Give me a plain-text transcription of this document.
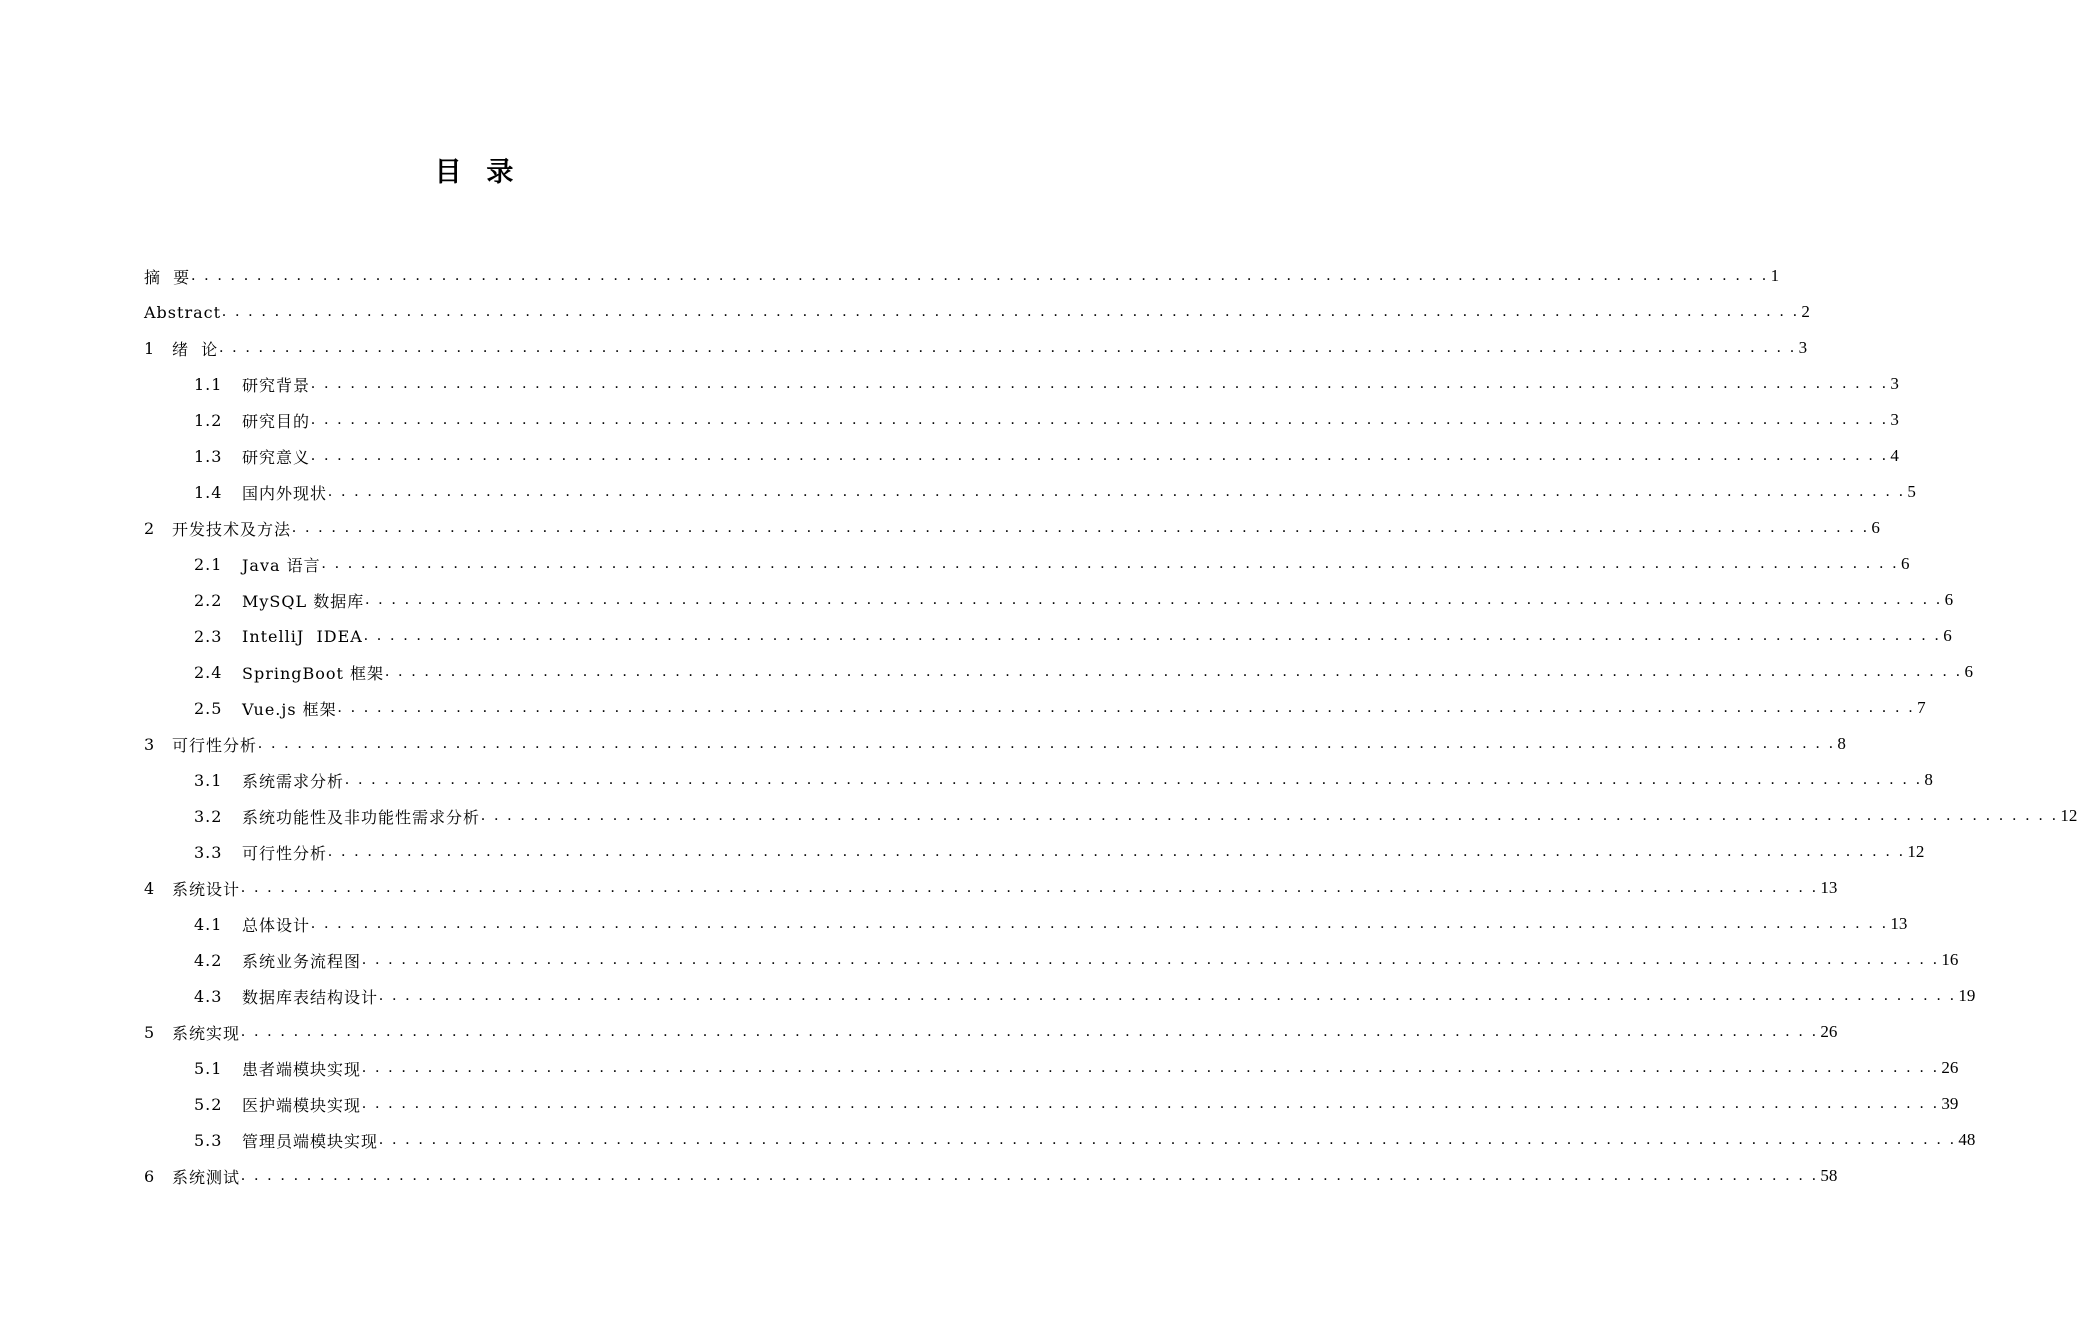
目  录
摘  要 . . . . . . . . . . . . . . . . . . . . . . . . . . . . . . . . . . . . . . . . . . . . . . . . . . . . . . . . . . . . . . . . . . . . . . . . . . . . . . . . . . . . . . . . . . . . . . . . . . . . . . . . . . . . . . . . . . . . . . . . 1
Abstract . . . . . . . . . . . . . . . . . . . . . . . . . . . . . . . . . . . . . . . . . . . . . . . . . . . . . . . . . . . . . . . . . . . . . . . . . . . . . . . . . . . . . . . . . . . . . . . . . . . . . . . . . . . . . . . . . . . . . . . . 2
1	绪  论 . . . . . . . . . . . . . . . . . . . . . . . . . . . . . . . . . . . . . . . . . . . . . . . . . . . . . . . . . . . . . . . . . . . . . . . . . . . . . . . . . . . . . . . . . . . . . . . . . . . . . . . . . . . . . . . . . . . . . . . . 3
1.1	研究背景 . . . . . . . . . . . . . . . . . . . . . . . . . . . . . . . . . . . . . . . . . . . . . . . . . . . . . . . . . . . . . . . . . . . . . . . . . . . . . . . . . . . . . . . . . . . . . . . . . . . . . . . . . . . . . . . . . . . . . . . . 3
1.2	研究目的 . . . . . . . . . . . . . . . . . . . . . . . . . . . . . . . . . . . . . . . . . . . . . . . . . . . . . . . . . . . . . . . . . . . . . . . . . . . . . . . . . . . . . . . . . . . . . . . . . . . . . . . . . . . . . . . . . . . . . . . . 3
1.3	研究意义 . . . . . . . . . . . . . . . . . . . . . . . . . . . . . . . . . . . . . . . . . . . . . . . . . . . . . . . . . . . . . . . . . . . . . . . . . . . . . . . . . . . . . . . . . . . . . . . . . . . . . . . . . . . . . . . . . . . . . . . . 4
1.4	国内外现状 . . . . . . . . . . . . . . . . . . . . . . . . . . . . . . . . . . . . . . . . . . . . . . . . . . . . . . . . . . . . . . . . . . . . . . . . . . . . . . . . . . . . . . . . . . . . . . . . . . . . . . . . . . . . . . . . . . . . . . . . 5
2	开发技术及方法 . . . . . . . . . . . . . . . . . . . . . . . . . . . . . . . . . . . . . . . . . . . . . . . . . . . . . . . . . . . . . . . . . . . . . . . . . . . . . . . . . . . . . . . . . . . . . . . . . . . . . . . . . . . . . . . . . . . . . . . . 6
2.1	Java 语言 . . . . . . . . . . . . . . . . . . . . . . . . . . . . . . . . . . . . . . . . . . . . . . . . . . . . . . . . . . . . . . . . . . . . . . . . . . . . . . . . . . . . . . . . . . . . . . . . . . . . . . . . . . . . . . . . . . . . . . . . 6
2.2	MySQL 数据库 . . . . . . . . . . . . . . . . . . . . . . . . . . . . . . . . . . . . . . . . . . . . . . . . . . . . . . . . . . . . . . . . . . . . . . . . . . . . . . . . . . . . . . . . . . . . . . . . . . . . . . . . . . . . . . . . . . . . . . . . 6
2.3	IntelliJ  IDEA . . . . . . . . . . . . . . . . . . . . . . . . . . . . . . . . . . . . . . . . . . . . . . . . . . . . . . . . . . . . . . . . . . . . . . . . . . . . . . . . . . . . . . . . . . . . . . . . . . . . . . . . . . . . . . . . . . . . . . . . 6
2.4	SpringBoot 框架 . . . . . . . . . . . . . . . . . . . . . . . . . . . . . . . . . . . . . . . . . . . . . . . . . . . . . . . . . . . . . . . . . . . . . . . . . . . . . . . . . . . . . . . . . . . . . . . . . . . . . . . . . . . . . . . . . . . . . . . . 6
2.5	Vue.js 框架 . . . . . . . . . . . . . . . . . . . . . . . . . . . . . . . . . . . . . . . . . . . . . . . . . . . . . . . . . . . . . . . . . . . . . . . . . . . . . . . . . . . . . . . . . . . . . . . . . . . . . . . . . . . . . . . . . . . . . . . . 7
3	可行性分析 . . . . . . . . . . . . . . . . . . . . . . . . . . . . . . . . . . . . . . . . . . . . . . . . . . . . . . . . . . . . . . . . . . . . . . . . . . . . . . . . . . . . . . . . . . . . . . . . . . . . . . . . . . . . . . . . . . . . . . . . 8
3.1	系统需求分析 . . . . . . . . . . . . . . . . . . . . . . . . . . . . . . . . . . . . . . . . . . . . . . . . . . . . . . . . . . . . . . . . . . . . . . . . . . . . . . . . . . . . . . . . . . . . . . . . . . . . . . . . . . . . . . . . . . . . . . . . 8
3.2	系统功能性及非功能性需求分析 . . . . . . . . . . . . . . . . . . . . . . . . . . . . . . . . . . . . . . . . . . . . . . . . . . . . . . . . . . . . . . . . . . . . . . . . . . . . . . . . . . . . . . . . . . . . . . . . . . . . . . . . . . . . . . . . . . . . . . . . 12
3.3	可行性分析 . . . . . . . . . . . . . . . . . . . . . . . . . . . . . . . . . . . . . . . . . . . . . . . . . . . . . . . . . . . . . . . . . . . . . . . . . . . . . . . . . . . . . . . . . . . . . . . . . . . . . . . . . . . . . . . . . . . . . . . . 12
4	系统设计 . . . . . . . . . . . . . . . . . . . . . . . . . . . . . . . . . . . . . . . . . . . . . . . . . . . . . . . . . . . . . . . . . . . . . . . . . . . . . . . . . . . . . . . . . . . . . . . . . . . . . . . . . . . . . . . . . . . . . . . . 13
4.1	总体设计 . . . . . . . . . . . . . . . . . . . . . . . . . . . . . . . . . . . . . . . . . . . . . . . . . . . . . . . . . . . . . . . . . . . . . . . . . . . . . . . . . . . . . . . . . . . . . . . . . . . . . . . . . . . . . . . . . . . . . . . . 13
4.2	系统业务流程图 . . . . . . . . . . . . . . . . . . . . . . . . . . . . . . . . . . . . . . . . . . . . . . . . . . . . . . . . . . . . . . . . . . . . . . . . . . . . . . . . . . . . . . . . . . . . . . . . . . . . . . . . . . . . . . . . . . . . . . . . 16
4.3	数据库表结构设计 . . . . . . . . . . . . . . . . . . . . . . . . . . . . . . . . . . . . . . . . . . . . . . . . . . . . . . . . . . . . . . . . . . . . . . . . . . . . . . . . . . . . . . . . . . . . . . . . . . . . . . . . . . . . . . . . . . . . . . . . 19
5	系统实现 . . . . . . . . . . . . . . . . . . . . . . . . . . . . . . . . . . . . . . . . . . . . . . . . . . . . . . . . . . . . . . . . . . . . . . . . . . . . . . . . . . . . . . . . . . . . . . . . . . . . . . . . . . . . . . . . . . . . . . . . 26
5.1	患者端模块实现 . . . . . . . . . . . . . . . . . . . . . . . . . . . . . . . . . . . . . . . . . . . . . . . . . . . . . . . . . . . . . . . . . . . . . . . . . . . . . . . . . . . . . . . . . . . . . . . . . . . . . . . . . . . . . . . . . . . . . . . . 26
5.2	医护端模块实现 . . . . . . . . . . . . . . . . . . . . . . . . . . . . . . . . . . . . . . . . . . . . . . . . . . . . . . . . . . . . . . . . . . . . . . . . . . . . . . . . . . . . . . . . . . . . . . . . . . . . . . . . . . . . . . . . . . . . . . . . 39
5.3	管理员端模块实现 . . . . . . . . . . . . . . . . . . . . . . . . . . . . . . . . . . . . . . . . . . . . . . . . . . . . . . . . . . . . . . . . . . . . . . . . . . . . . . . . . . . . . . . . . . . . . . . . . . . . . . . . . . . . . . . . . . . . . . . . 48
6	系统测试 . . . . . . . . . . . . . . . . . . . . . . . . . . . . . . . . . . . . . . . . . . . . . . . . . . . . . . . . . . . . . . . . . . . . . . . . . . . . . . . . . . . . . . . . . . . . . . . . . . . . . . . . . . . . . . . . . . . . . . . . 58
